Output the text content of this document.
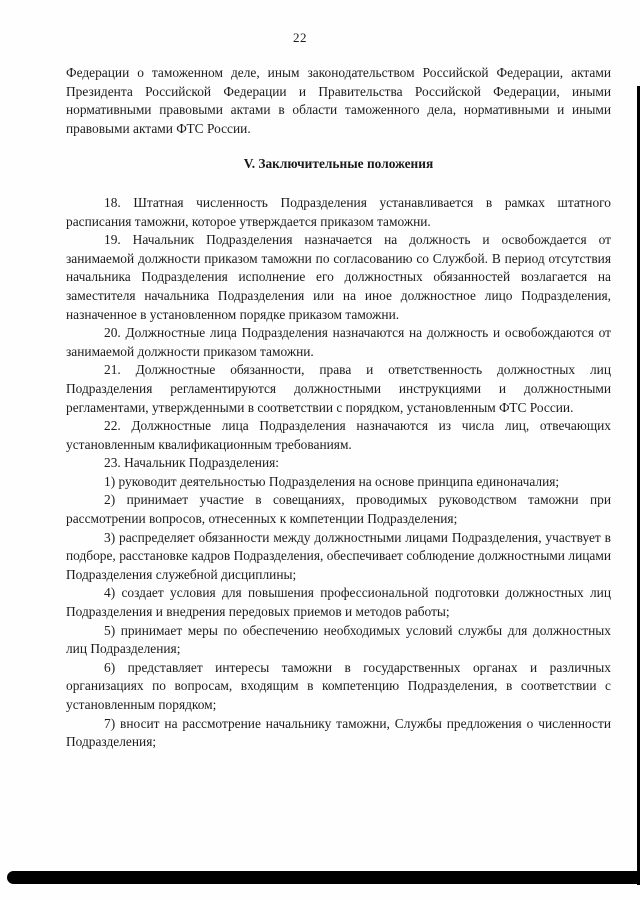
22

Федерации о таможенном деле, иным законодательством Российской Федерации, актами Президента Российской Федерации и Правительства Российской Федерации, иными нормативными правовыми актами в области таможенного дела, нормативными и иными правовыми актами ФТС России.

V. Заключительные положения

18. Штатная численность Подразделения устанавливается в рамках штатного расписания таможни, которое утверждается приказом таможни.

19. Начальник Подразделения назначается на должность и освобождается от занимаемой должности приказом таможни по согласованию со Службой. В период отсутствия начальника Подразделения исполнение его должностных обязанностей возлагается на заместителя начальника Подразделения или на иное должностное лицо Подразделения, назначенное в установленном порядке приказом таможни.

20. Должностные лица Подразделения назначаются на должность и освобождаются от занимаемой должности приказом таможни.

21. Должностные обязанности, права и ответственность должностных лиц Подразделения регламентируются должностными инструкциями и должностными регламентами, утвержденными в соответствии с порядком, установленным ФТС России.

22. Должностные лица Подразделения назначаются из числа лиц, отвечающих установленным квалификационным требованиям.

23. Начальник Подразделения:

1) руководит деятельностью Подразделения на основе принципа единоначалия;

2) принимает участие в совещаниях, проводимых руководством таможни при рассмотрении вопросов, отнесенных к компетенции Подразделения;

3) распределяет обязанности между должностными лицами Подразделения, участвует в подборе, расстановке кадров Подразделения, обеспечивает соблюдение должностными лицами Подразделения служебной дисциплины;

4) создает условия для повышения профессиональной подготовки должностных лиц Подразделения и внедрения передовых приемов и методов работы;

5) принимает меры по обеспечению необходимых условий службы для должностных лиц Подразделения;

6) представляет интересы таможни в государственных органах и различных организациях по вопросам, входящим в компетенцию Подразделения, в соответствии с установленным порядком;

7) вносит на рассмотрение начальнику таможни, Службы предложения о численности Подразделения;
